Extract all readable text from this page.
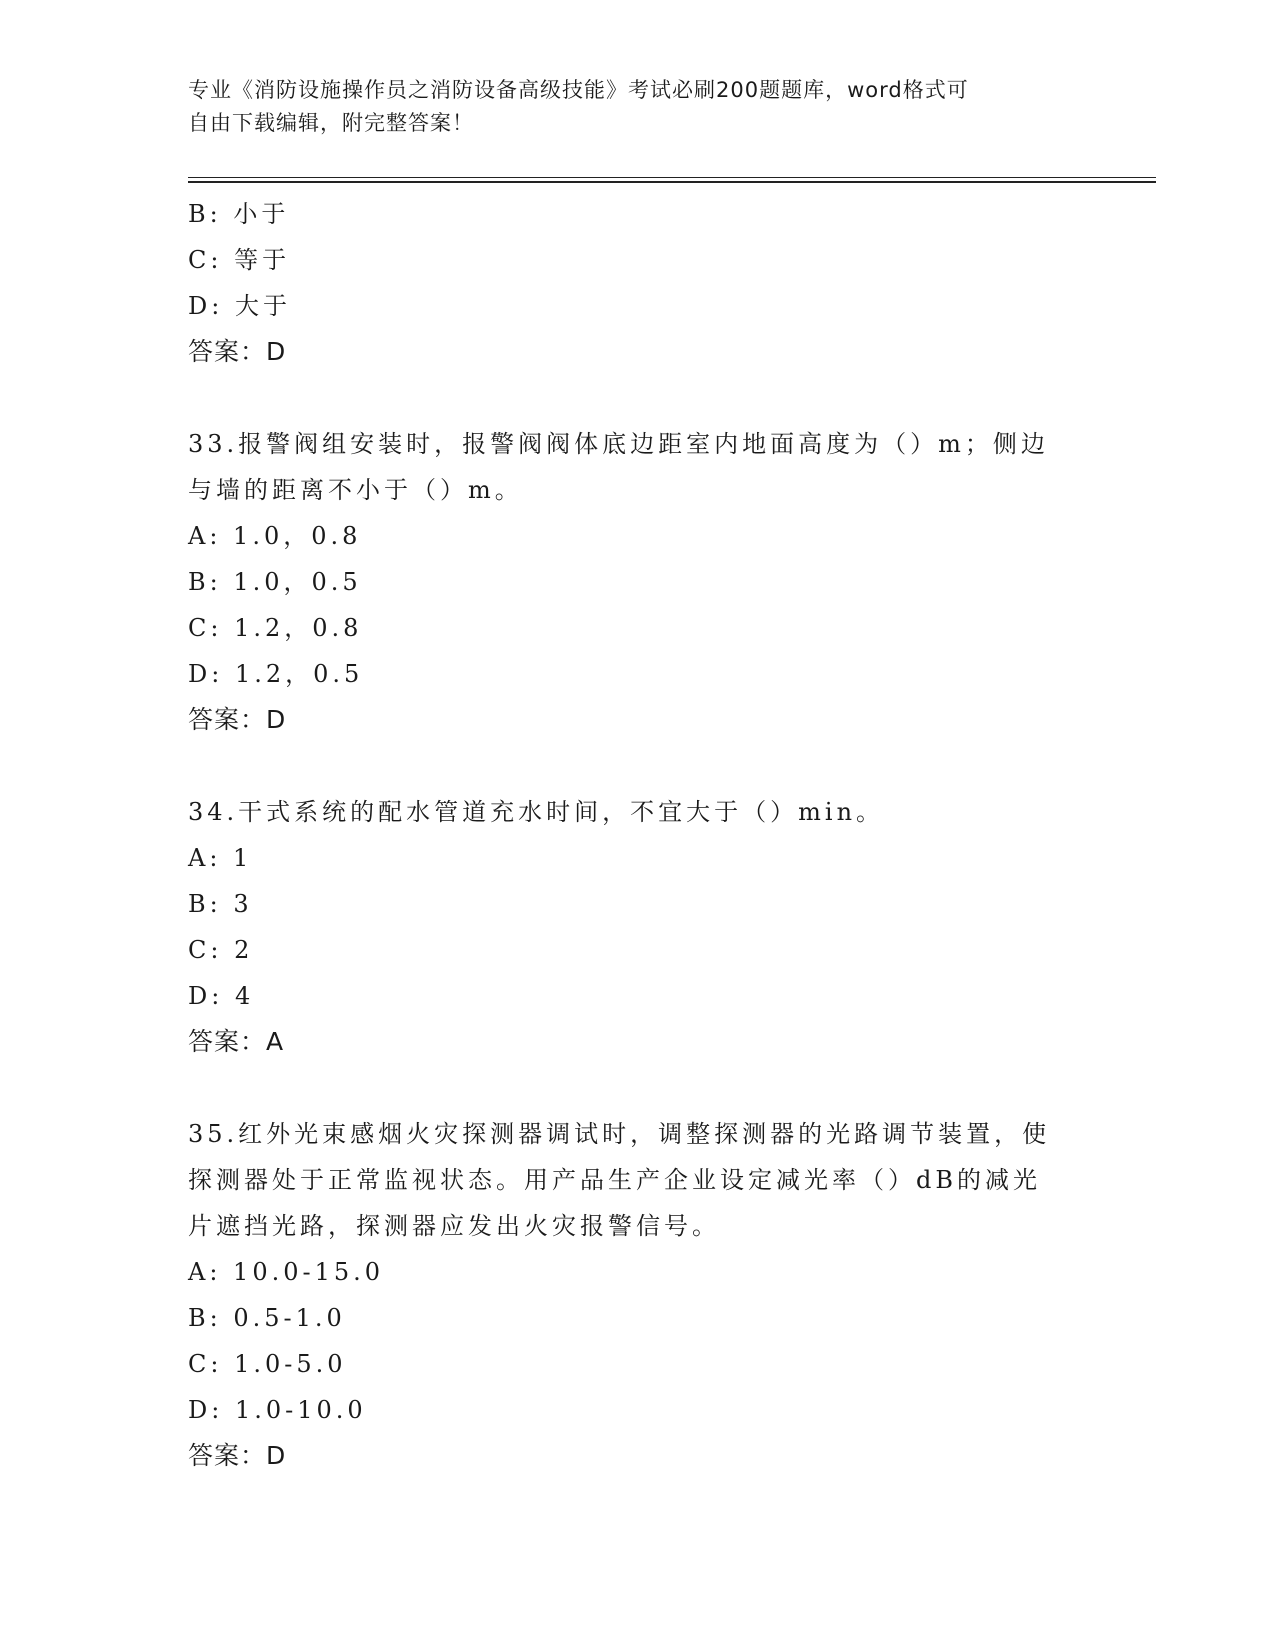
专业《消防设施操作员之消防设备高级技能》考试必刷200题题库，word格式可
自由下载编辑，附完整答案！
B: 小于
C: 等于
D: 大于
答案：D
33.报警阀组安装时，报警阀阀体底边距室内地面高度为（）m；侧边
与墙的距离不小于（）m。
A: 1.0，0.8
B: 1.0，0.5
C: 1.2，0.8
D: 1.2，0.5
答案：D
34.干式系统的配水管道充水时间，不宜大于（）min。
A: 1
B: 3
C: 2
D: 4
答案：A
35.红外光束感烟火灾探测器调试时，调整探测器的光路调节装置，使
探测器处于正常监视状态。用产品生产企业设定减光率（）dB的减光
片遮挡光路，探测器应发出火灾报警信号。
A: 10.0-15.0
B: 0.5-1.0
C: 1.0-5.0
D: 1.0-10.0
答案：D
